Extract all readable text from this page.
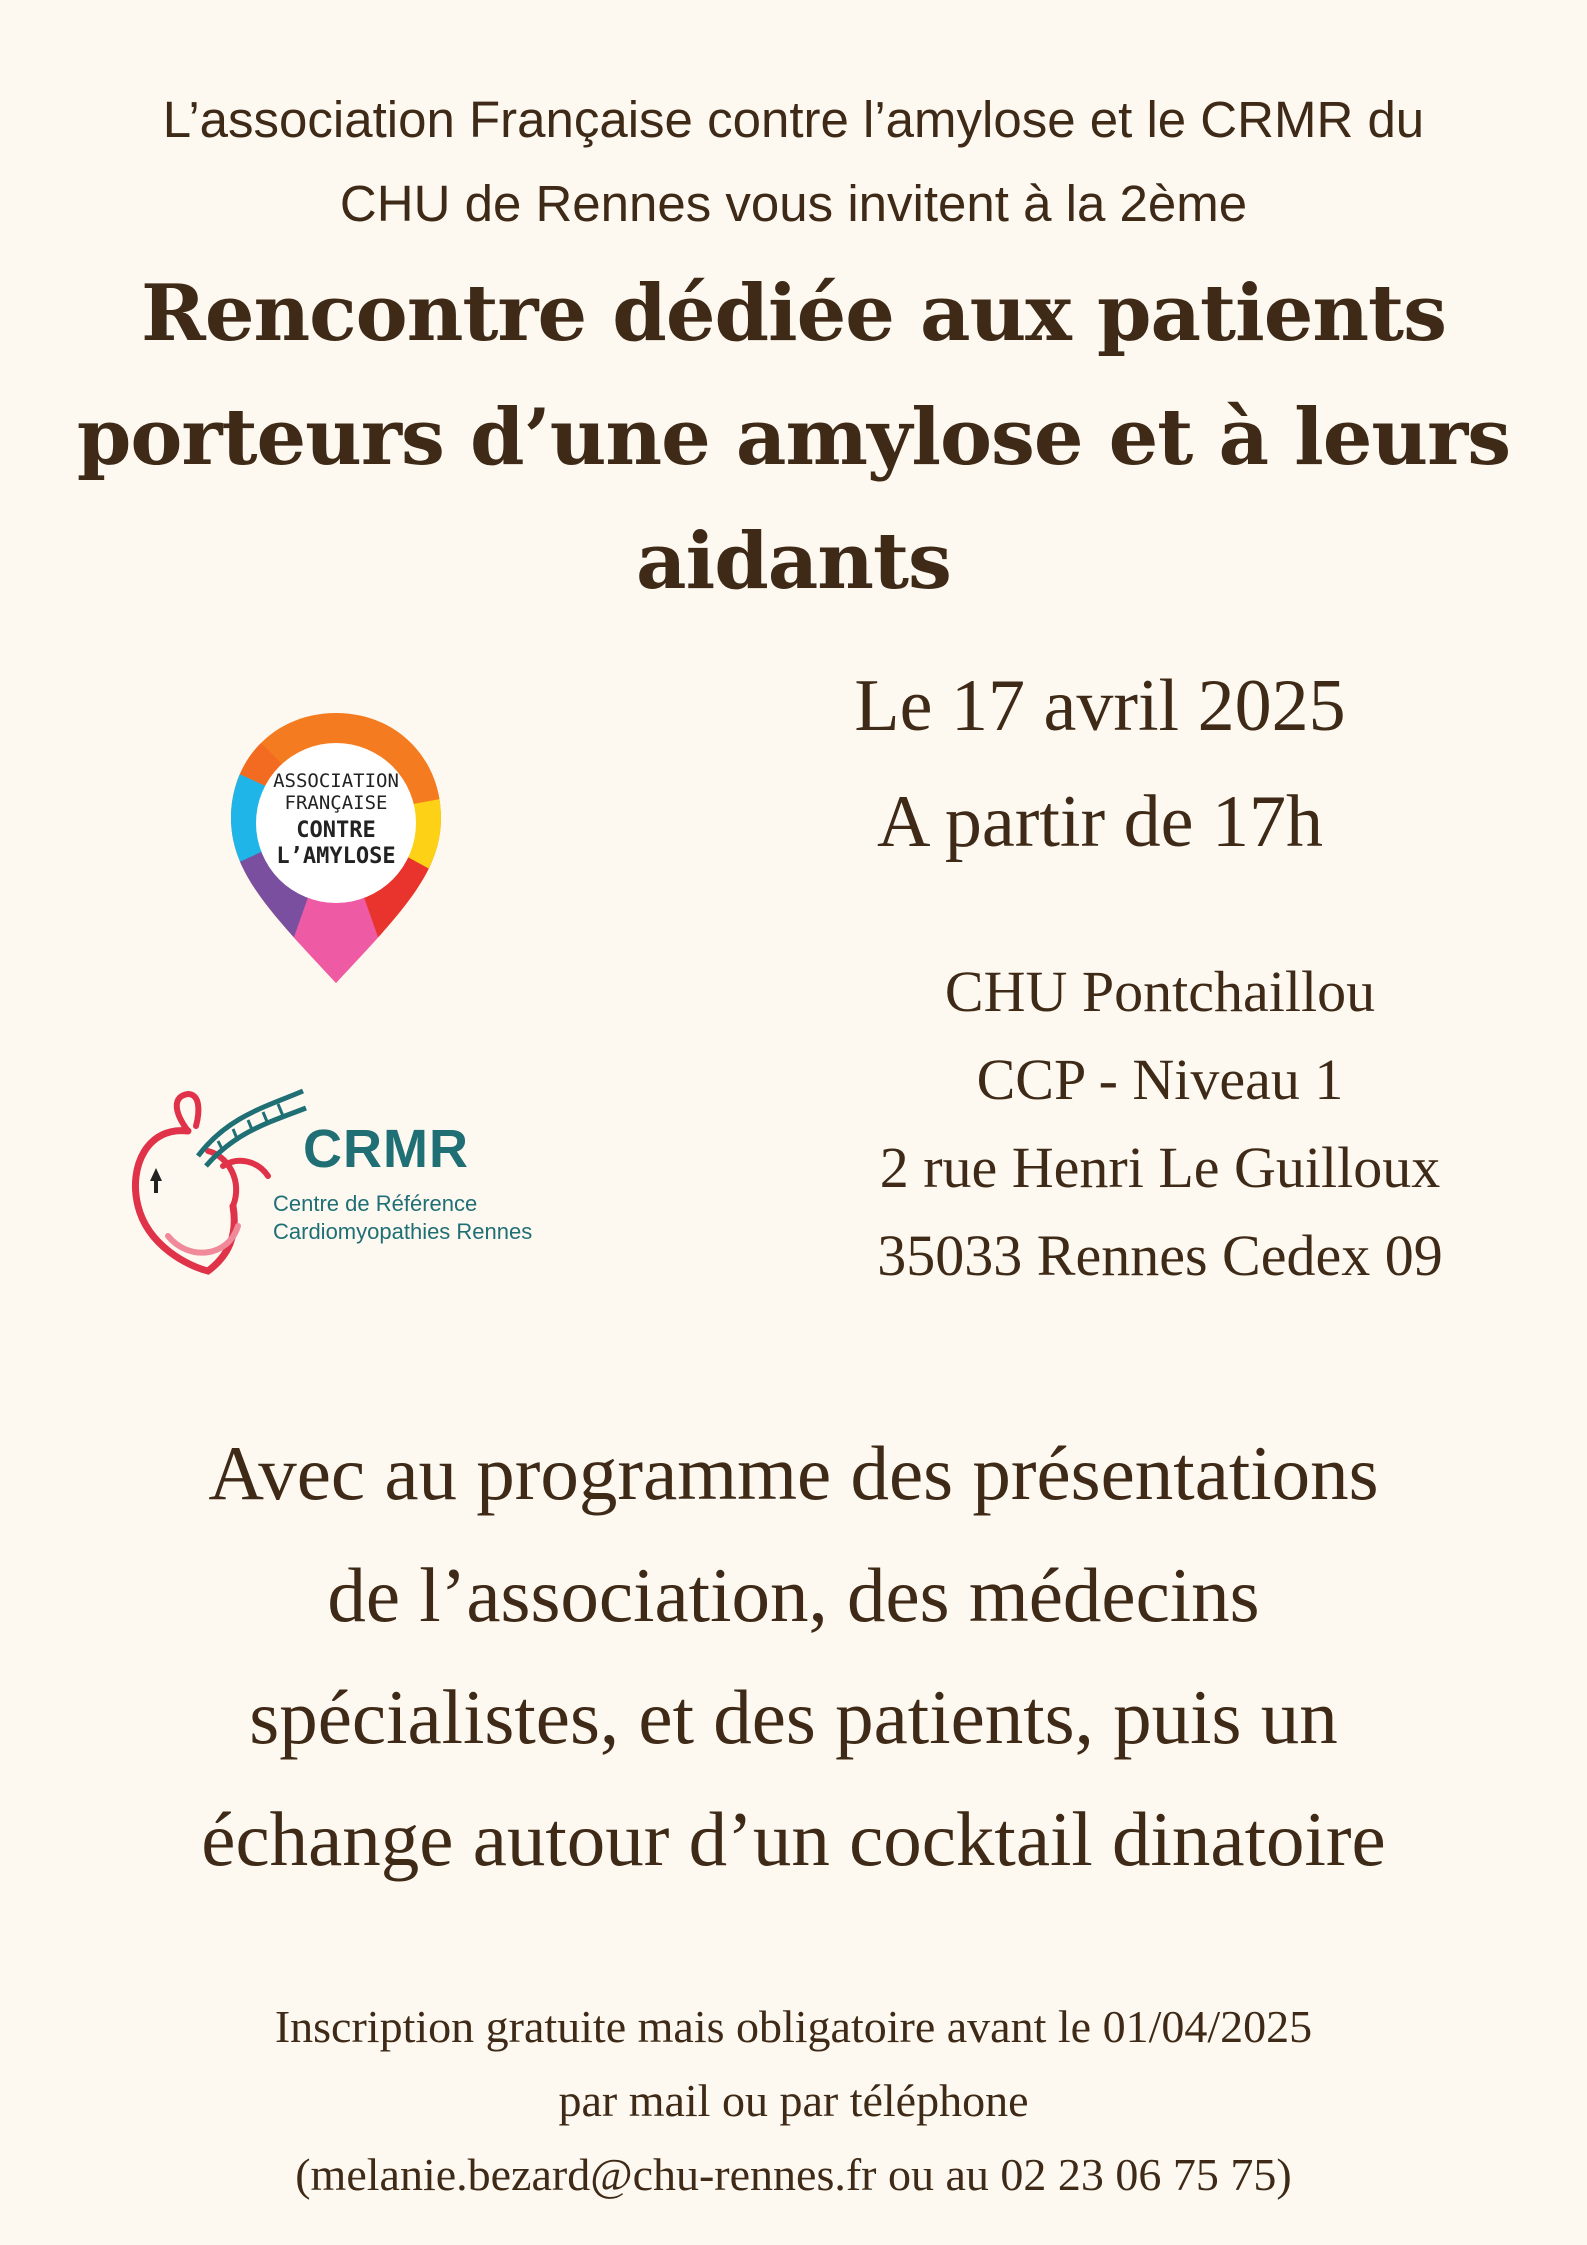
L’association Française contre l’amylose et le CRMR du
CHU de Rennes vous invitent à la 2ème
Rencontre dédiée aux patients
porteurs d’une amylose et à leurs
aidants
ASSOCIATION
FRANÇAISE
CONTRE
L’AMYLOSE
CRMR
Centre de Référence
Cardiomyopathies Rennes
Le 17 avril 2025
A partir de 17h
CHU Pontchaillou
CCP - Niveau 1
2 rue Henri Le Guilloux
35033 Rennes Cedex 09
Avec au programme des présentations
de l’association, des médecins
spécialistes, et des patients, puis un
échange autour d’un cocktail dinatoire
Inscription gratuite mais obligatoire avant le 01/04/2025
par mail ou par téléphone
(melanie.bezard@chu-rennes.fr ou au 02 23 06 75 75)
